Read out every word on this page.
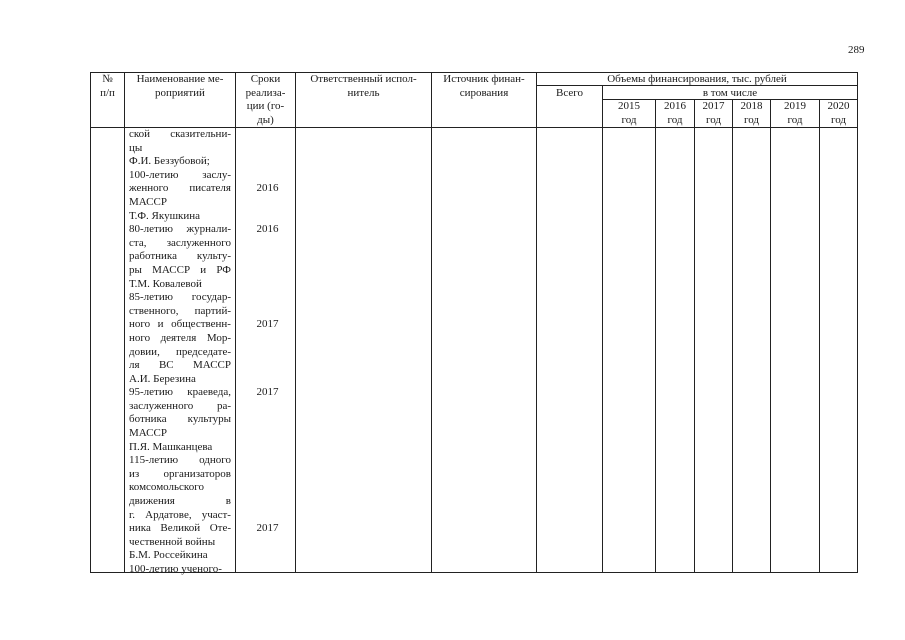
289
№
п/п
Наименование ме-
роприятий
Сроки
реализа-
ции (го-
ды)
Ответственный испол-
нитель
Источник финан-
сирования
Объемы финансирования, тыс. рублей
Всего	в том числе
2015
год
2016
год
2017
год
2018
год
2019
год
2020
год
ской сказительни-
цы
Ф.И. Беззубовой;
100-летию заслу-
женного писателя
МАССР
Т.Ф. Якушкина
80-летию журнали-
ста, заслуженного
работника культу-
ры МАССР и РФ
Т.М. Ковалевой
85-летию государ-
ственного, партий-
ного и общественн-
ного деятеля Мор-
довии, председате-
ля ВС МАССР
А.И. Березина
95-летию краеведа,
заслуженного ра-
ботника культуры
МАССР
П.Я. Машканцева
115-летию одного
из организаторов
комсомольского
движения	в
г. Ардатове, участ-
ника Великой Оте-
чественной войны
Б.М. Россейкина
100-летию ученого-
2016
2016
2017
2017
2017
